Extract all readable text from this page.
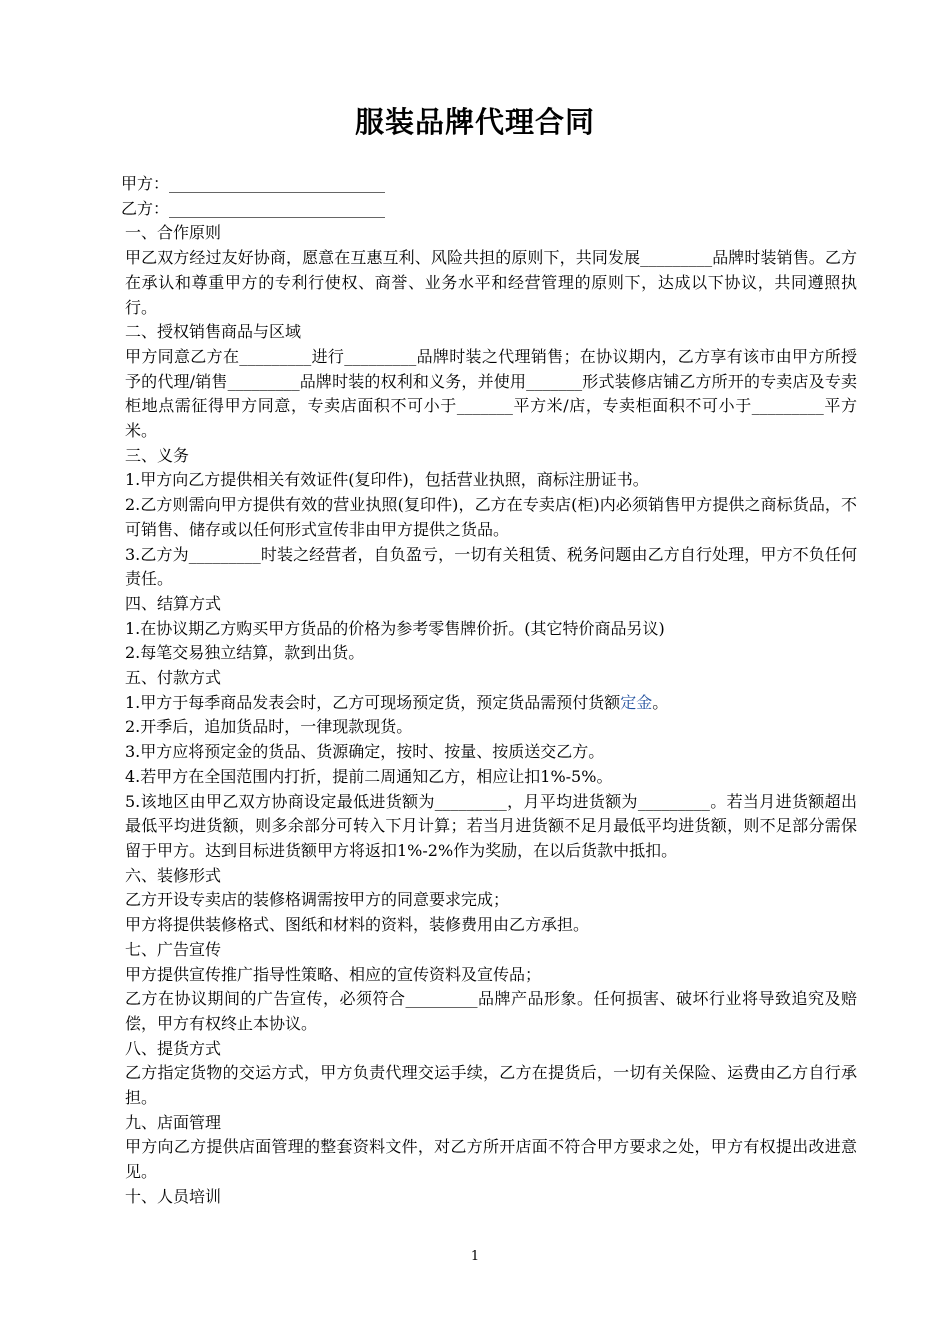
服装品牌代理合同
甲方：___________________________
乙方：___________________________
一、合作原则
甲乙双方经过友好协商，愿意在互惠互利、风险共担的原则下，共同发展_________品牌时装销售。乙方在承认和尊重甲方的专利行使权、商誉、业务水平和经营管理的原则下，达成以下协议，共同遵照执行。
二、授权销售商品与区域
甲方同意乙方在_________进行_________品牌时装之代理销售；在协议期内，乙方享有该市由甲方所授予的代理/销售_________品牌时装的权利和义务，并使用_______形式装修店铺乙方所开的专卖店及专卖柜地点需征得甲方同意，专卖店面积不可小于_______平方米/店，专卖柜面积不可小于_________平方米。
三、义务
1.甲方向乙方提供相关有效证件(复印件)，包括营业执照，商标注册证书。
2.乙方则需向甲方提供有效的营业执照(复印件)，乙方在专卖店(柜)内必须销售甲方提供之商标货品，不可销售、储存或以任何形式宣传非由甲方提供之货品。
3.乙方为_________时装之经营者，自负盈亏，一切有关租赁、税务问题由乙方自行处理，甲方不负任何责任。
四、结算方式
1.在协议期乙方购买甲方货品的价格为参考零售牌价折。(其它特价商品另议)
2.每笔交易独立结算，款到出货。
五、付款方式
1.甲方于每季商品发表会时，乙方可现场预定货，预定货品需预付货额定金。
2.开季后，追加货品时，一律现款现货。
3.甲方应将预定金的货品、货源确定，按时、按量、按质送交乙方。
4.若甲方在全国范围内打折，提前二周通知乙方，相应让扣1%-5%。
5.该地区由甲乙双方协商设定最低进货额为_________，月平均进货额为_________。若当月进货额超出最低平均进货额，则多余部分可转入下月计算；若当月进货额不足月最低平均进货额，则不足部分需保留于甲方。达到目标进货额甲方将返扣1%-2%作为奖励，在以后货款中抵扣。
六、装修形式
乙方开设专卖店的装修格调需按甲方的同意要求完成；
甲方将提供装修格式、图纸和材料的资料，装修费用由乙方承担。
七、广告宣传
甲方提供宣传推广指导性策略、相应的宣传资料及宣传品；
乙方在协议期间的广告宣传，必须符合_________品牌产品形象。任何损害、破坏行业将导致追究及赔偿，甲方有权终止本协议。
八、提货方式
乙方指定货物的交运方式，甲方负责代理交运手续，乙方在提货后，一切有关保险、运费由乙方自行承担。
九、店面管理
甲方向乙方提供店面管理的整套资料文件，对乙方所开店面不符合甲方要求之处，甲方有权提出改进意见。
十、人员培训
1
